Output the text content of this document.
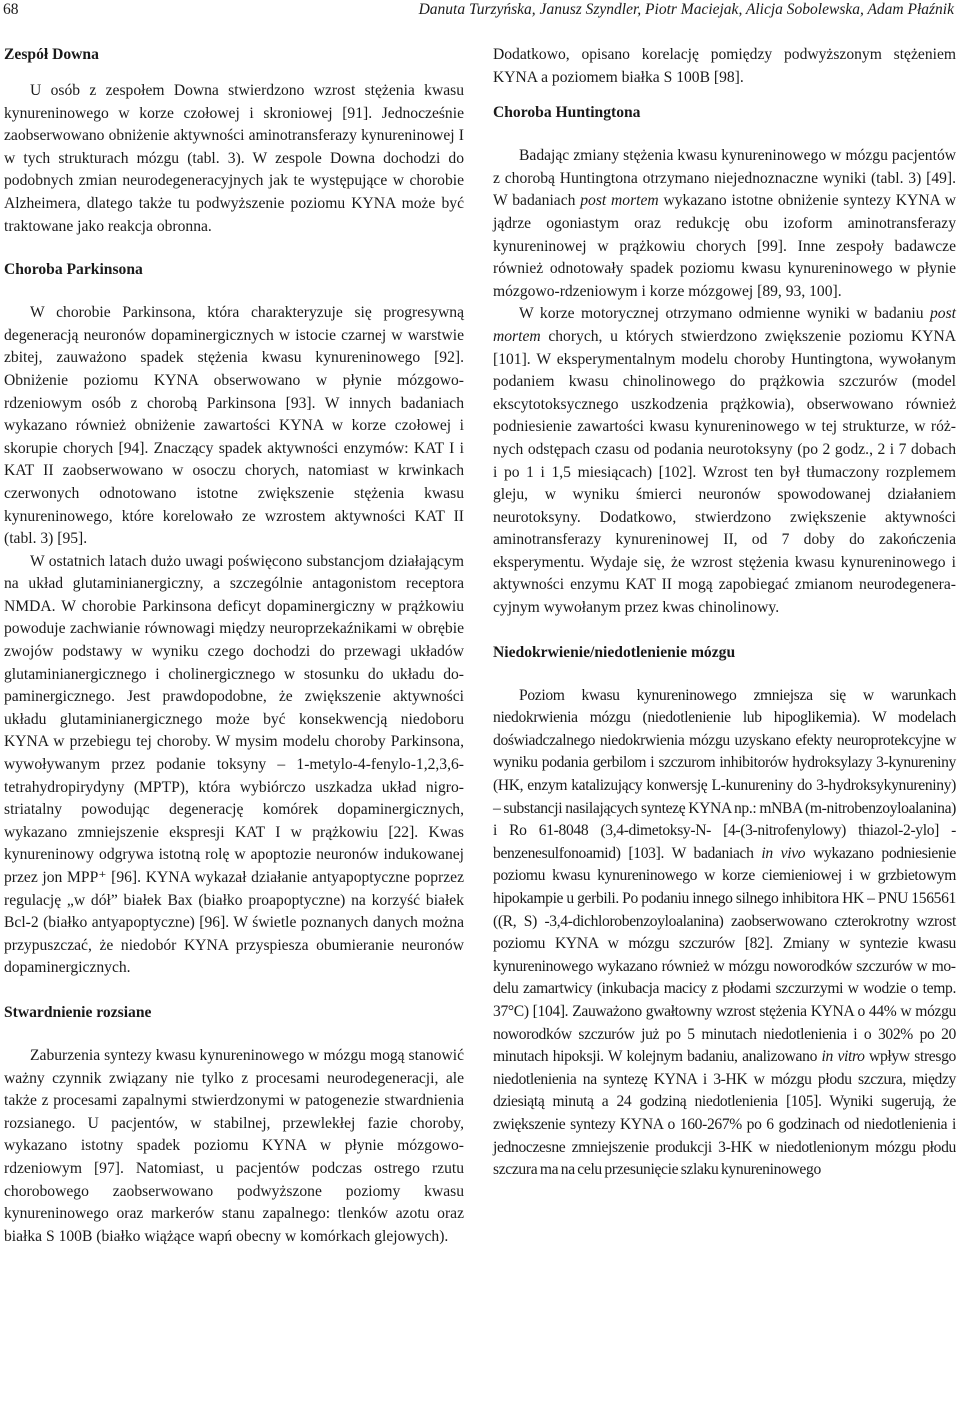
68	Danuta Turzyńska, Janusz Szyndler, Piotr Maciejak, Alicja Sobolewska, Adam Płaźnik
Zespół Downa

U osób z zespołem Downa stwierdzono wzrost stężenia kwasu kynureninowego w korze czołowej i skroniowej [91]. Jednocześnie zaobserwowano obniżenie aktywności aminotransferazy kynureninowej I w tych strukturach mózgu (tabl. 3). W zespole Downa dochodzi do podobnych zmian neurodegeneracyjnych jak te występujące w chorobie Alzheimera, dlatego także tu podwyższenie poziomu KYNA może być traktowane jako reakcja obronna.

Choroba Parkinsona

W chorobie Parkinsona, która charakteryzuje się progresywną degeneracją neuronów dopaminergicznych w istocie czarnej w warstwie zbitej, zauważono spadek stężenia kwasu kynureninowego [92]. Obniżenie poziomu KYNA obserwowano w płynie mózgowo-rdzeniowym osób z chorobą Parkinsona [93]. W innych badaniach wykazano również obniżenie zawartości KYNA w korze czołowej i skorupie chorych [94]. Znaczący spadek aktywności enzymów: KAT I i KAT II zaobserwowano w osoczu chorych, natomiast w krwinkach czerwonych odnotowano istotne zwiększenie stężenia kwasu kynureninowego, które korelowało ze wzrostem aktywności KAT II (tabl. 3) [95].

W ostatnich latach dużo uwagi poświęcono substancjom działającym na układ glutaminianergiczny, a szczególnie antagonistom receptora NMDA. W chorobie Parkinsona deficyt dopaminergiczny w prążkowiu powoduje zachwianie równowagi między neuroprzekaźnikami w obrębie zwojów podstawy w wyniku czego dochodzi do przewagi układów glutaminianergicznego i cholinergicznego w stosunku do układu dopaminergicznego. Jest prawdopodobne, że zwiększenie aktywności układu glutaminianergicznego może być konsekwencją niedoboru KYNA w przebiegu tej choroby. W mysim modelu choroby Parkinsona, wywoływanym przez podanie toksyny – 1-metylo-4-fenylo-1,2,3,6-tetrahydropirydyny (MPTP), która wybiórczo uszkadza układ nigro-striatalny powodując degenerację komórek dopaminergicznych, wykazano zmniejszenie ekspresji KAT I w prążkowiu [22]. Kwas kynureninowy odgrywa istotną rolę w apoptozie neuronów indukowanej przez jon MPP⁺ [96]. KYNA wykazał działanie antyapoptyczne poprzez regulację „w dół” białek Bax (białko proapoptyczne) na korzyść białek Bcl-2 (białko antyapoptyczne) [96]. W świetle poznanych danych można przypuszczać, że niedobór KYNA przyspiesza obumieranie neuronów dopaminergicznych.

Stwardnienie rozsiane

Zaburzenia syntezy kwasu kynureninowego w mózgu mogą stanowić ważny czynnik związany nie tylko z procesami neurodegeneracji, ale także z procesami zapalnymi stwierdzonymi w patogenezie stwardnienia rozsianego. U pacjentów, w stabilnej, przewlekłej fazie choroby, wykazano istotny spadek poziomu KYNA w płynie mózgowo-rdzeniowym [97]. Natomiast, u pacjentów podczas ostrego rzutu chorobowego zaobserwowano podwyższone poziomy kwasu kynureninowego oraz markerów stanu zapalnego: tlenków azotu oraz białka S 100B (białko wiążące wapń obecny w komórkach glejowych).

Dodatkowo, opisano korelację pomiędzy podwyższonym stężeniem KYNA a poziomem białka S 100B [98].

Choroba Huntingtona

Badając zmiany stężenia kwasu kynureninowego w mózgu pacjentów z chorobą Huntingtona otrzymano niejednoznaczne wyniki (tabl. 3) [49]. W badaniach post mortem wykazano istotne obniżenie syntezy KYNA w jądrze ogoniastym oraz redukcję obu izoform aminotransferazy kynureninowej w prążkowiu chorych [99]. Inne zespoły badawcze również odnotowały spadek poziomu kwasu kynureninowego w płynie mózgowo-rdzeniowym i korze mózgowej [89, 93, 100].

W korze motorycznej otrzymano odmienne wyniki w badaniu post mortem chorych, u których stwierdzono zwiększenie poziomu KYNA [101]. W eksperymentalnym modelu choroby Huntingtona, wywołanym podaniem kwasu chinolinowego do prążkowia szczurów (model ekscytotoksycznego uszkodzenia prążkowia), obserwowano również podniesienie zawartości kwasu kynureninowego w tej strukturze, w różnych odstępach czasu od podania neurotoksyny (po 2 godz., 2 i 7 dobach i po 1 i 1,5 miesiącach) [102]. Wzrost ten był tłumaczony rozplemem gleju, w wyniku śmierci neuronów spowodowanej działaniem neurotoksyny. Dodatkowo, stwierdzono zwiększenie aktywności aminotransferazy kynureninowej II, od 7 doby do zakończenia eksperymentu. Wydaje się, że wzrost stężenia kwasu kynureninowego i aktywności enzymu KAT II mogą zapobiegać zmianom neurodegeneracyjnym wywołanym przez kwas chinolinowy.

Niedokrwienie/niedotlenienie mózgu

Poziom kwasu kynureninowego zmniejsza się w warunkach niedokrwienia mózgu (niedotlenienie lub hipoglikemia). W modelach doświadczalnego niedokrwienia mózgu uzyskano efekty neuroprotekcyjne w wyniku podania gerbilom i szczurom inhibitorów hydroksylazy 3-kynureniny (HK, enzym katalizujący konwersję L-kunureniny do 3-hydroksykynureniny) – substancji nasilających syntezę KYNA np.: mNBA (m-nitrobenzoyloalanina) i Ro 61-8048 (3,4-dimetoksy-N- [4-(3-nitrofenylowy) thiazol-2-ylo] -benzenesulfonoamid) [103]. W badaniach in vivo wykazano podniesienie poziomu kwasu kynureninowego w korze ciemieniowej i w grzbietowym hipokampie u gerbili. Po podaniu innego silnego inhibitora HK – PNU 156561 ((R, S) -3,4-dichlorobenzoyloalanina) zaobserwowano czterokrotny wzrost poziomu KYNA w mózgu szczurów [82]. Zmiany w syntezie kwasu kynureninowego wykazano również w mózgu noworodków szczurów w modelu zamartwicy (inkubacja macicy z płodami szczurzymi w wodzie o temp. 37°C) [104]. Zauważono gwałtowny wzrost stężenia KYNA o 44% w mózgu noworodków szczurów już po 5 minutach niedotlenienia i o 302% po 20 minutach hipoksji. W kolejnym badaniu, analizowano in vitro wpływ stresgo niedotlenienia na syntezę KYNA i 3-HK w mózgu płodu szczura, między dziesiątą minutą a 24 godziną niedotlenienia [105]. Wyniki sugerują, że zwiększenie syntezy KYNA o 160-267% po 6 godzinach od niedotlenienia i jednoczesne zmniejszenie produkcji 3-HK w niedotlenionym mózgu płodu szczura ma na celu przesunięcie szlaku kynureninowego
